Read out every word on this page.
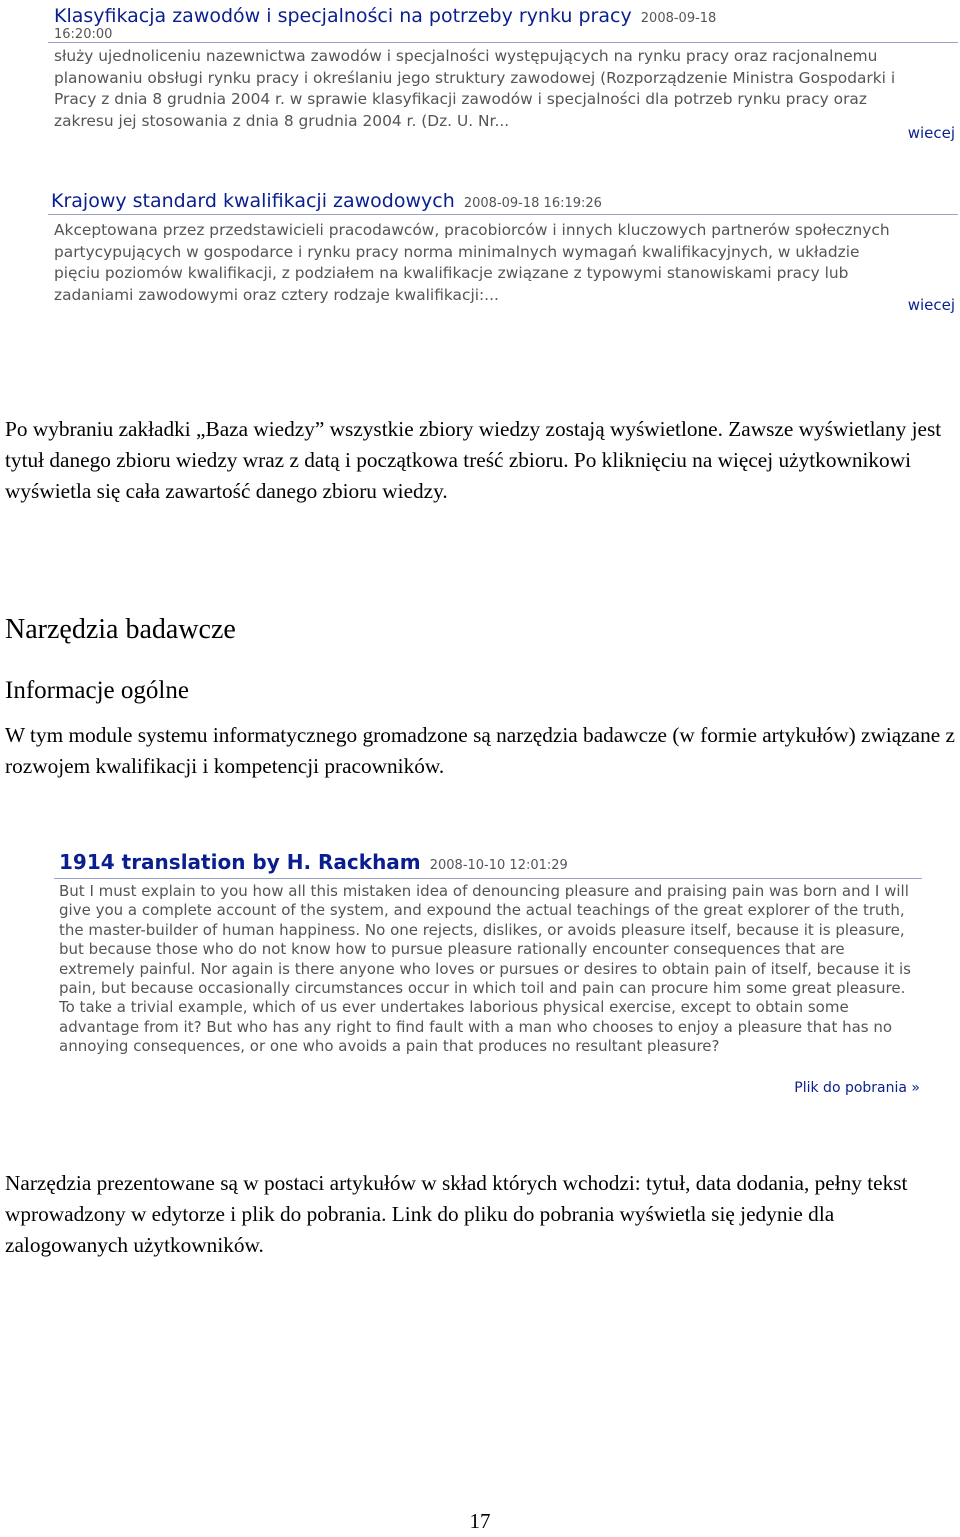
Klasyfikacja zawodów i specjalności na potrzeby rynku pracy 2008-09-18
16:20:00
służy ujednoliceniu nazewnictwa zawodów i specjalności występujących na rynku pracy oraz racjonalnemu planowaniu obsługi rynku pracy i określaniu jego struktury zawodowej (Rozporządzenie Ministra Gospodarki i Pracy z dnia 8 grudnia 2004 r. w sprawie klasyfikacji zawodów i specjalności dla potrzeb rynku pracy oraz zakresu jej stosowania z dnia 8 grudnia 2004 r. (Dz. U. Nr...
wiecej
Krajowy standard kwalifikacji zawodowych 2008-09-18 16:19:26
Akceptowana przez przedstawicieli pracodawców, pracobiorców i innych kluczowych partnerów społecznych partycypujących w gospodarce i rynku pracy norma minimalnych wymagań kwalifikacyjnych, w układzie pięciu poziomów kwalifikacji, z podziałem na kwalifikacje związane z typowymi stanowiskami pracy lub zadaniami zawodowymi oraz cztery rodzaje kwalifikacji:...
wiecej
Po wybraniu zakładki „Baza wiedzy” wszystkie zbiory wiedzy zostają wyświetlone. Zawsze wyświetlany jest tytuł danego zbioru wiedzy wraz z datą i początkowa treść zbioru. Po kliknięciu na więcej użytkownikowi wyświetla się cała zawartość danego zbioru wiedzy.
Narzędzia badawcze
Informacje ogólne
W tym module systemu informatycznego gromadzone są narzędzia badawcze (w formie artykułów) związane z rozwojem kwalifikacji i kompetencji pracowników.
1914 translation by H. Rackham 2008-10-10 12:01:29
But I must explain to you how all this mistaken idea of denouncing pleasure and praising pain was born and I will give you a complete account of the system, and expound the actual teachings of the great explorer of the truth, the master-builder of human happiness. No one rejects, dislikes, or avoids pleasure itself, because it is pleasure, but because those who do not know how to pursue pleasure rationally encounter consequences that are extremely painful. Nor again is there anyone who loves or pursues or desires to obtain pain of itself, because it is pain, but because occasionally circumstances occur in which toil and pain can procure him some great pleasure. To take a trivial example, which of us ever undertakes laborious physical exercise, except to obtain some advantage from it? But who has any right to find fault with a man who chooses to enjoy a pleasure that has no annoying consequences, or one who avoids a pain that produces no resultant pleasure?
Plik do pobrania »
Narzędzia prezentowane są w postaci artykułów w skład których wchodzi: tytuł, data dodania, pełny tekst wprowadzony w edytorze i plik do pobrania. Link do pliku do pobrania wyświetla się jedynie dla zalogowanych użytkowników.
17
